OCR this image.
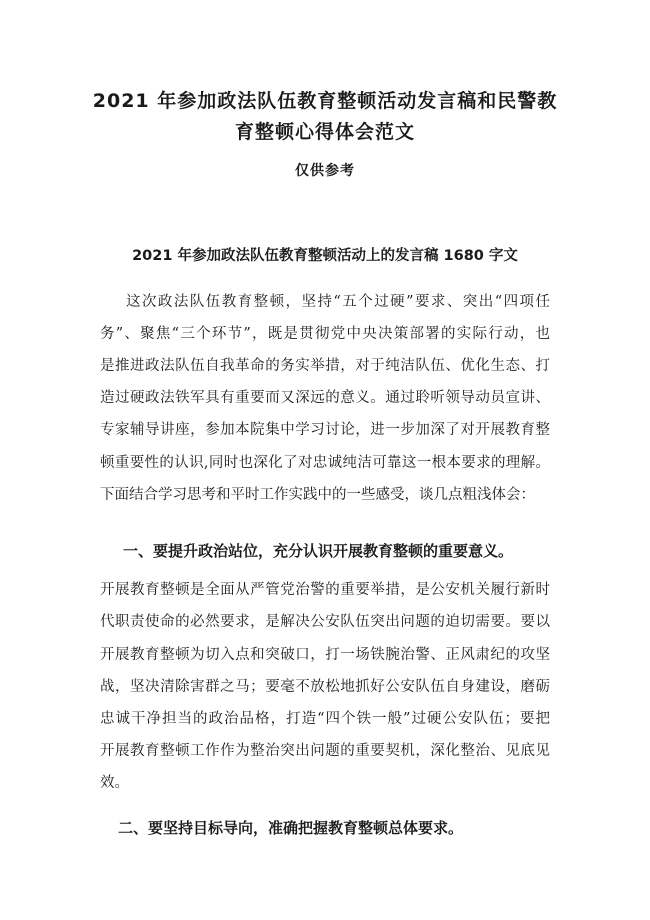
2021 年参加政法队伍教育整顿活动发言稿和民警教
育整顿心得体会范文

仅供参考

2021 年参加政法队伍教育整顿活动上的发言稿 1680 字文
这次政法队伍教育整顿，坚持“五个过硬”要求、突出“四项任
务”、聚焦“三个环节”，既是贯彻党中央决策部署的实际行动，也
是推进政法队伍自我革命的务实举措，对于纯洁队伍、优化生态、打
造过硬政法铁军具有重要而又深远的意义。通过聆听领导动员宣讲、
专家辅导讲座，参加本院集中学习讨论，进一步加深了对开展教育整
顿重要性的认识,同时也深化了对忠诚纯洁可靠这一根本要求的理解。
下面结合学习思考和平时工作实践中的一些感受，谈几点粗浅体会：
一、要提升政治站位，充分认识开展教育整顿的重要意义。
开展教育整顿是全面从严管党治警的重要举措，是公安机关履行新时
代职责使命的必然要求，是解决公安队伍突出问题的迫切需要。要以
开展教育整顿为切入点和突破口，打一场铁腕治警、正风肃纪的攻坚
战，坚决清除害群之马；要毫不放松地抓好公安队伍自身建设，磨砺
忠诚干净担当的政治品格，打造“四个铁一般”过硬公安队伍；要把
开展教育整顿工作作为整治突出问题的重要契机，深化整治、见底见
效。
二、要坚持目标导向，准确把握教育整顿总体要求。
